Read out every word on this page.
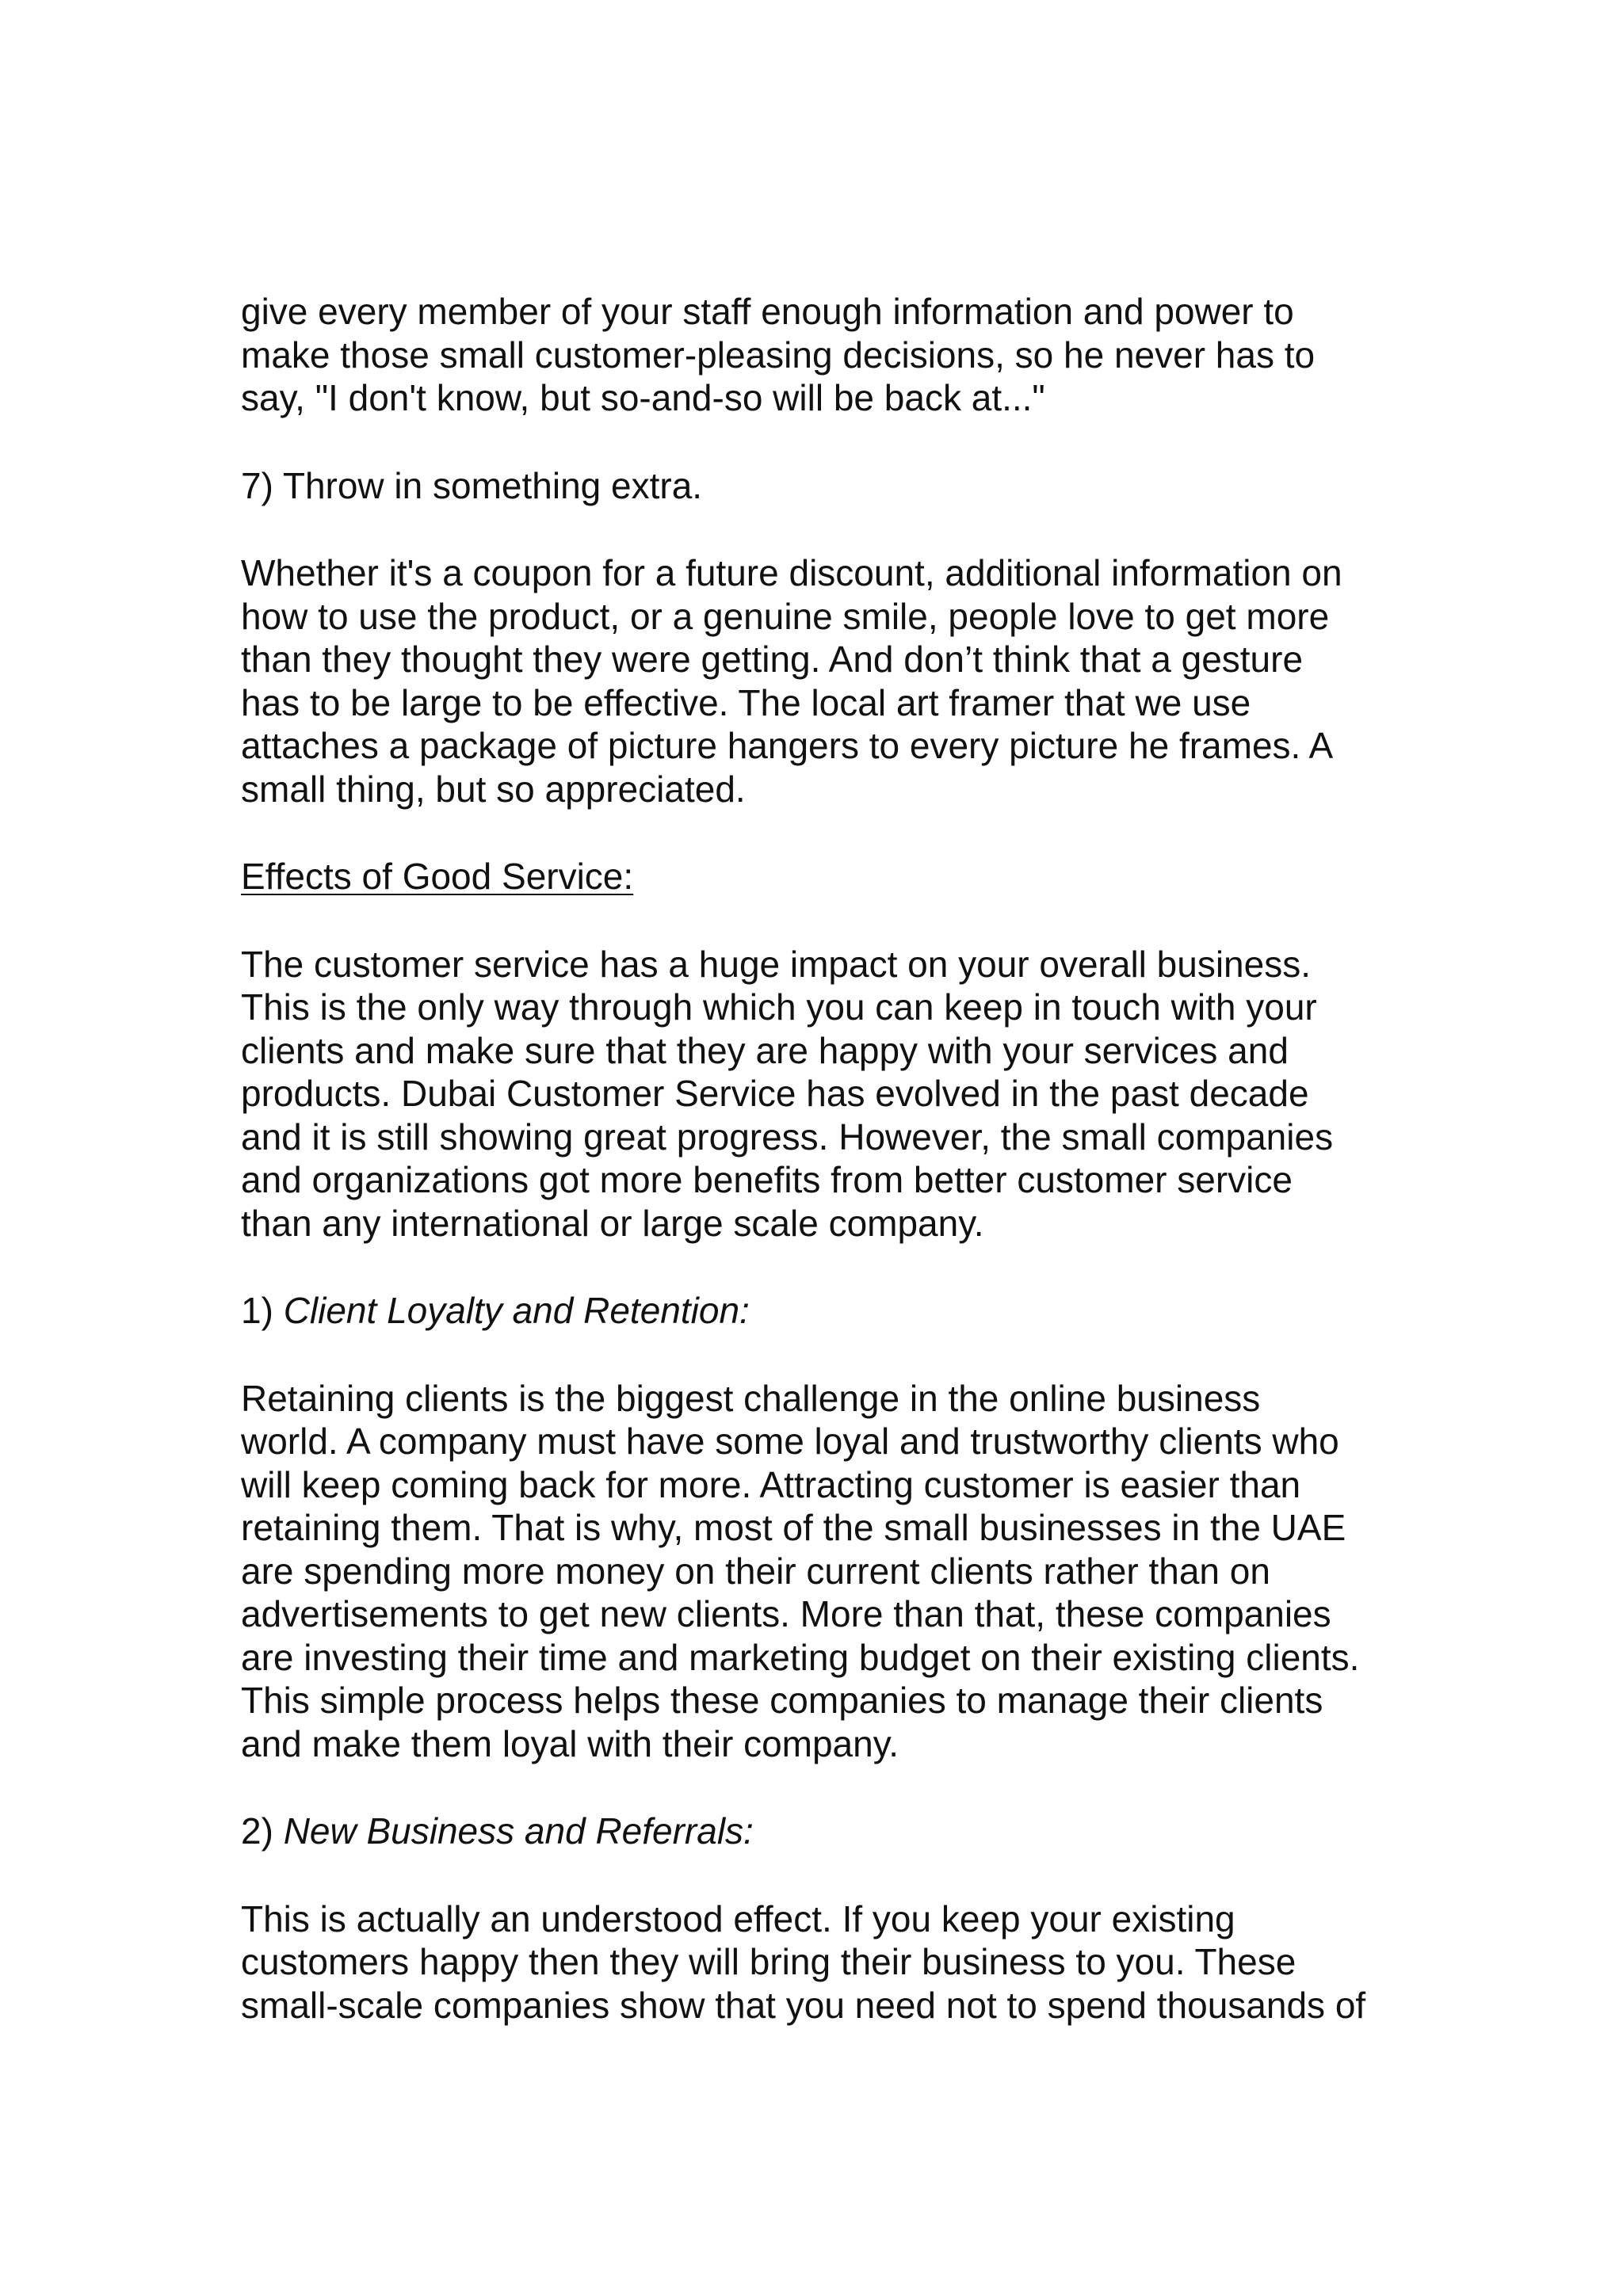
give every member of your staff enough information and power to
make those small customer-pleasing decisions, so he never has to
say, "I don't know, but so-and-so will be back at..."

7) Throw in something extra.

Whether it's a coupon for a future discount, additional information on
how to use the product, or a genuine smile, people love to get more
than they thought they were getting. And don’t think that a gesture
has to be large to be effective. The local art framer that we use
attaches a package of picture hangers to every picture he frames. A
small thing, but so appreciated.

Effects of Good Service:

The customer service has a huge impact on your overall business.
This is the only way through which you can keep in touch with your
clients and make sure that they are happy with your services and
products. Dubai Customer Service has evolved in the past decade
and it is still showing great progress. However, the small companies
and organizations got more benefits from better customer service
than any international or large scale company.

1) Client Loyalty and Retention:

Retaining clients is the biggest challenge in the online business
world. A company must have some loyal and trustworthy clients who
will keep coming back for more. Attracting customer is easier than
retaining them. That is why, most of the small businesses in the UAE
are spending more money on their current clients rather than on
advertisements to get new clients. More than that, these companies
are investing their time and marketing budget on their existing clients.
This simple process helps these companies to manage their clients
and make them loyal with their company.

2) New Business and Referrals:

This is actually an understood effect. If you keep your existing
customers happy then they will bring their business to you. These
small-scale companies show that you need not to spend thousands of
